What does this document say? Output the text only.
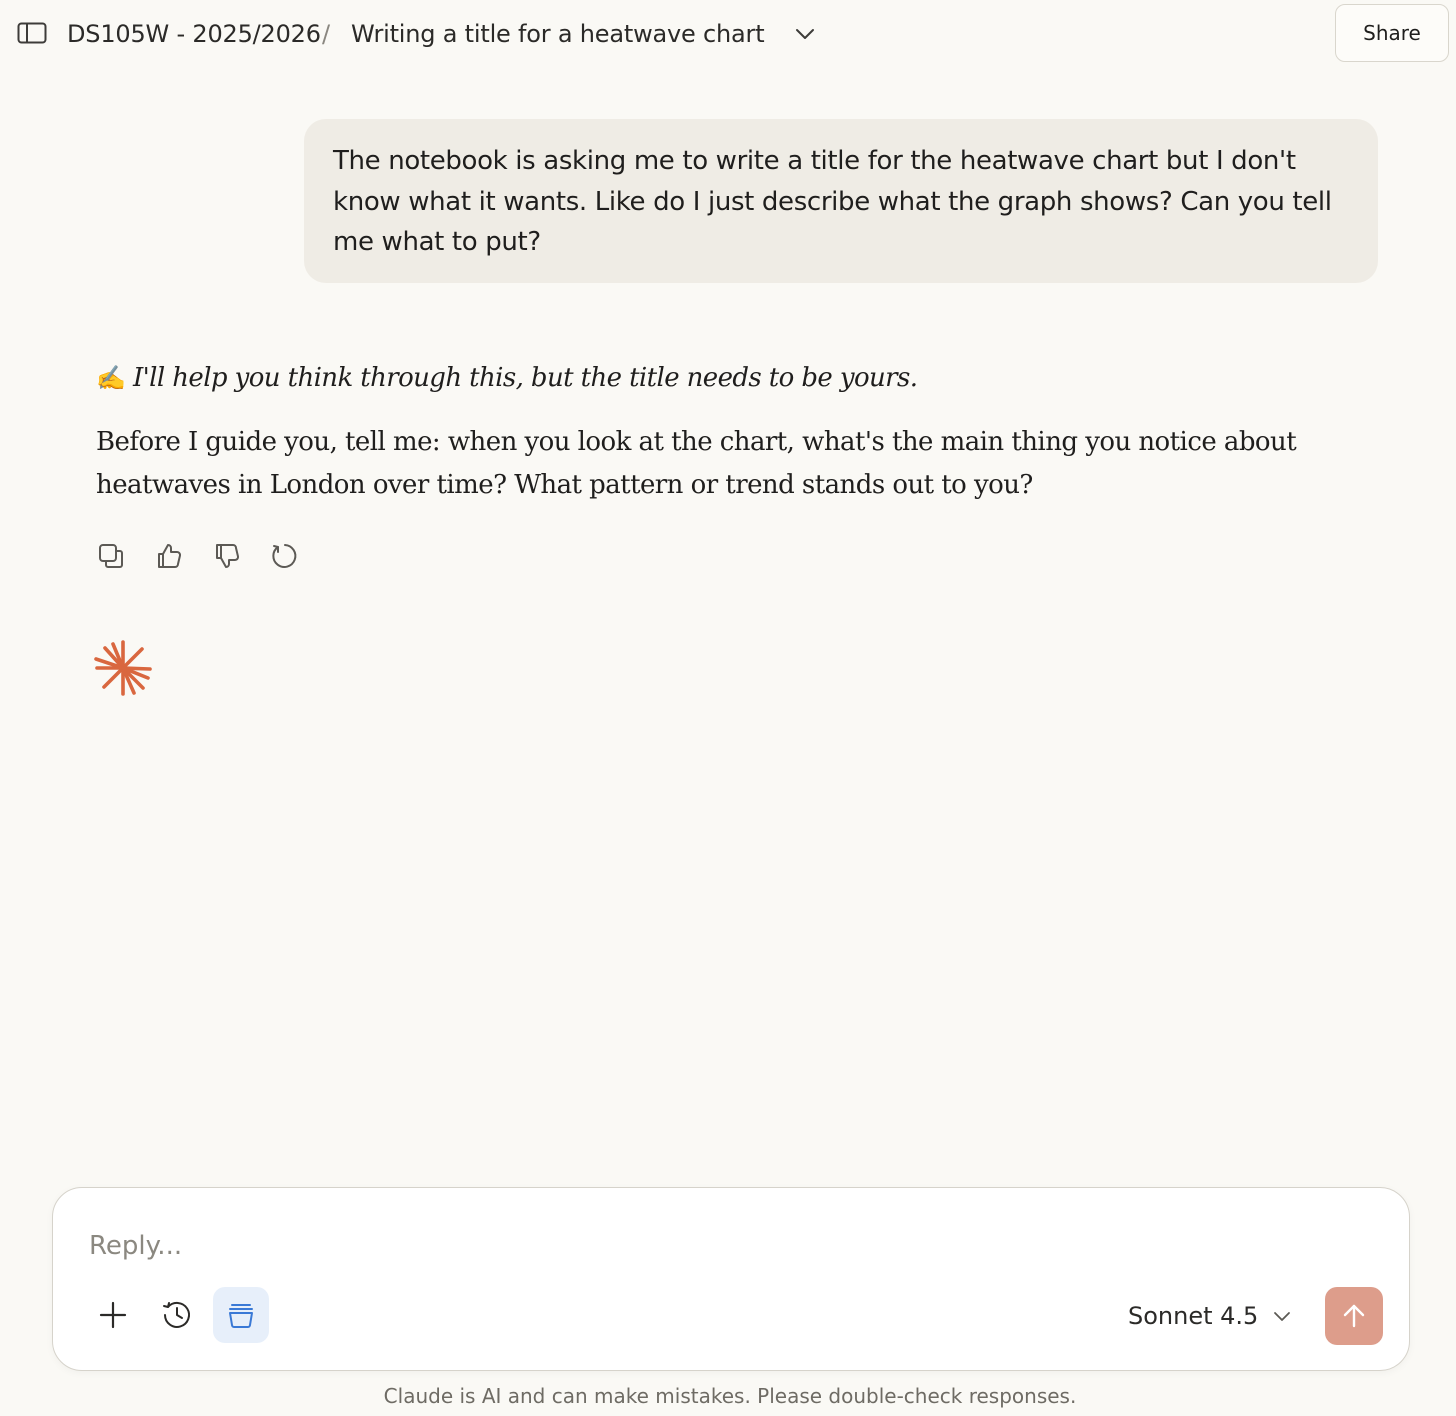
DS105W - 2025/2026 / Writing a title for a heatwave chart	Share
The notebook is asking me to write a title for the heatwave chart but I don't know what it wants. Like do I just describe what the graph shows? Can you tell me what to put?
✍️ I'll help you think through this, but the title needs to be yours.
Before I guide you, tell me: when you look at the chart, what's the main thing you notice about heatwaves in London over time? What pattern or trend stands out to you?
Reply...
Sonnet 4.5
Claude is AI and can make mistakes. Please double-check responses.
